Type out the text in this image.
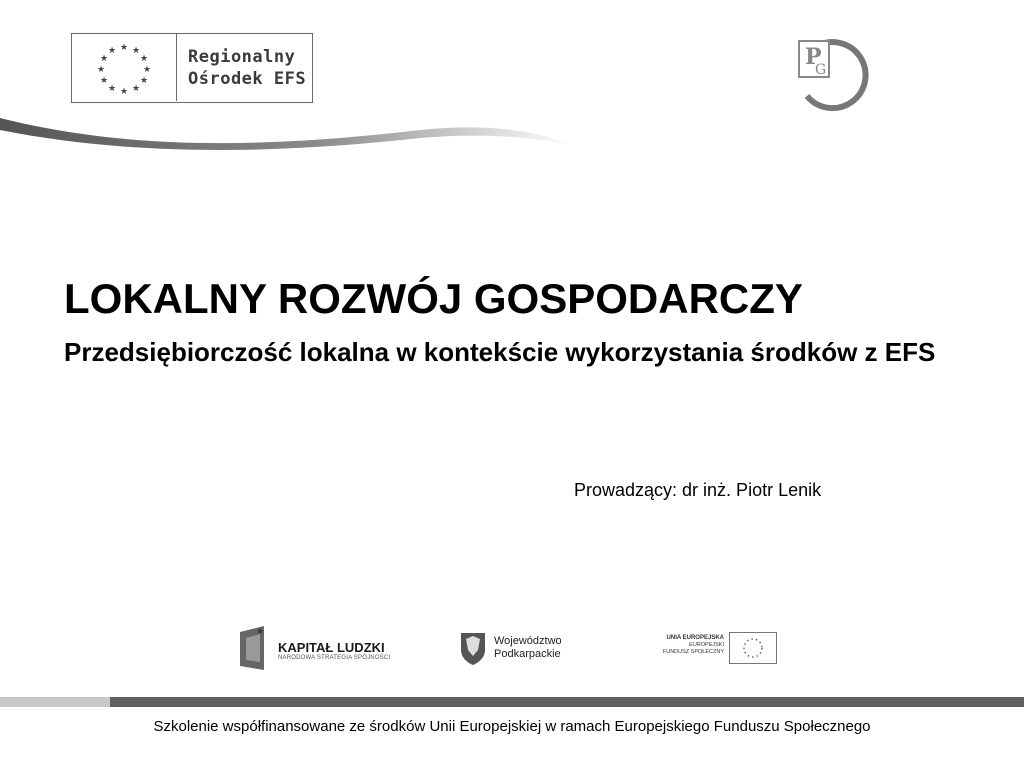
★ ★
★
★
★
★
★
★
★
★
★
★	Regionalny
Ośrodek EFS
P
G
LOKALNY ROZWÓJ GOSPODARCZY
Przedsiębiorczość lokalna w kontekście wykorzystania środków z EFS
Prowadzący: dr inż. Piotr Lenik
★
KAPITAŁ LUDZKI
NARODOWA STRATEGIA SPÓJNOŚCI
Województwo
Podkarpackie
UNIA EUROPEJSKA
EUROPEJSKI
FUNDUSZ SPOŁECZNY
Szkolenie współfinansowane ze środków Unii Europejskiej w ramach Europejskiego Funduszu Społecznego
